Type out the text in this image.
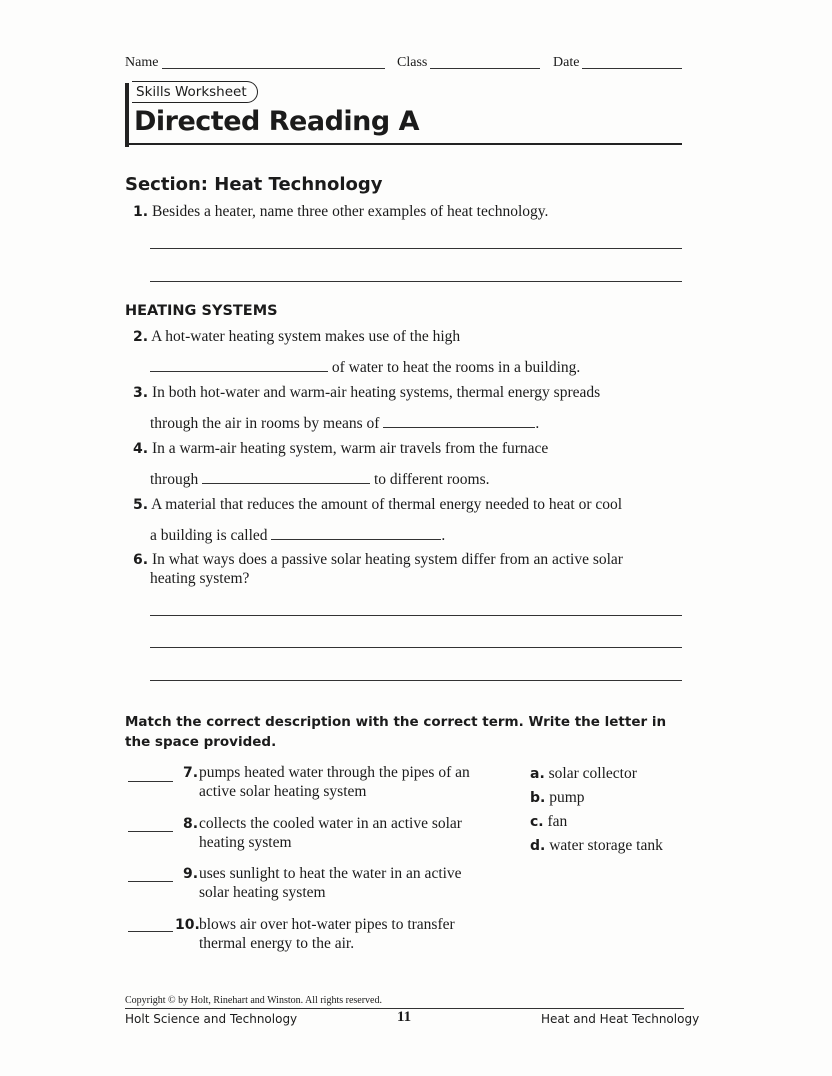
Name	Class	Date
Skills Worksheet
Directed Reading A
Section: Heat Technology
1. Besides a heater, name three other examples of heat technology.
HEATING SYSTEMS
2. A hot-water heating system makes use of the high
of water to heat the rooms in a building.
3. In both hot-water and warm-air heating systems, thermal energy spreads
through the air in rooms by means of	.
4. In a warm-air heating system, warm air travels from the furnace
through	to different rooms.
5. A material that reduces the amount of thermal energy needed to heat or cool
a building is called	.
6. In what ways does a passive solar heating system differ from an active solar
heating system?
Match the correct description with the correct term. Write the letter in the space provided.
7. pumps heated water through the pipes of an
active solar heating system
8. collects the cooled water in an active solar
heating system
9. uses sunlight to heat the water in an active
solar heating system
10. blows air over hot-water pipes to transfer
thermal energy to the air.
a. solar collector
b. pump
c. fan
d. water storage tank
Copyright © by Holt, Rinehart and Winston. All rights reserved.
Holt Science and Technology	11	Heat and Heat Technology
